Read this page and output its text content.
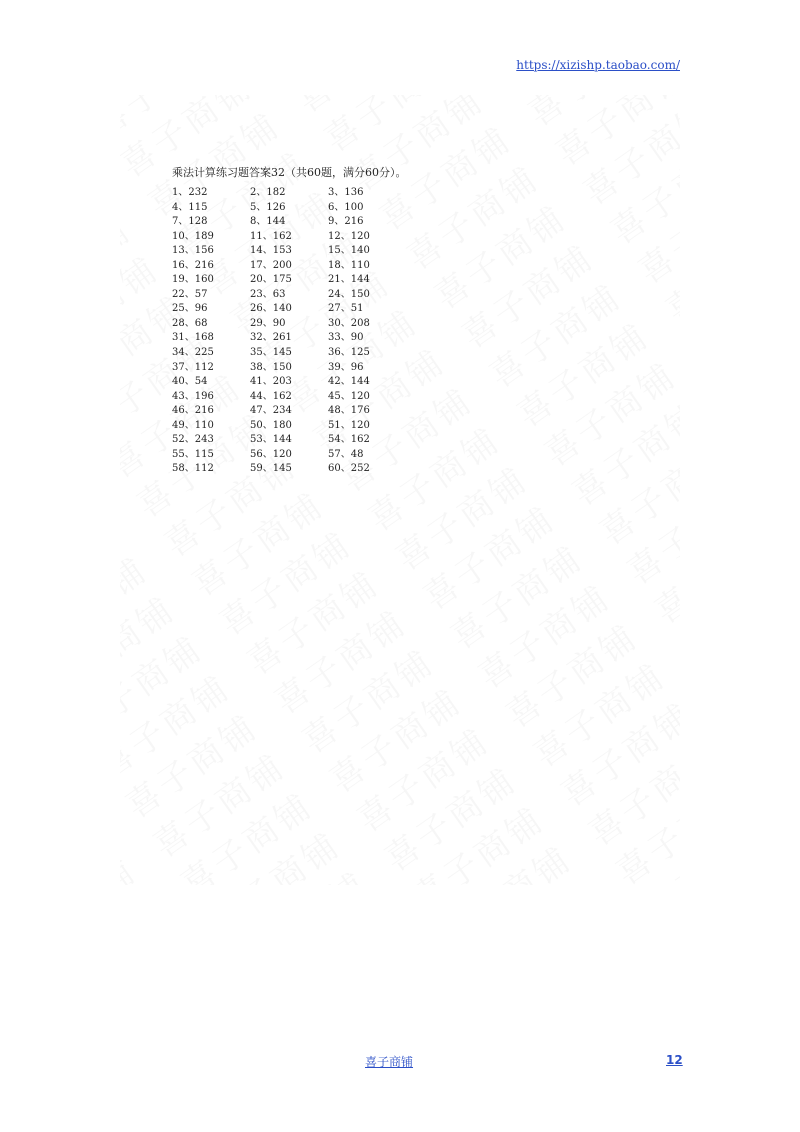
https://xizishp.taobao.com/
乘法计算练习题答案32（共60题，满分60分）。
1、232	2、182	3、136
4、115	5、126	6、100
7、128	8、144	9、216
10、189	11、162	12、120
13、156	14、153	15、140
16、216	17、200	18、110
19、160	20、175	21、144
22、57	23、63	24、150
25、96	26、140	27、51
28、68	29、90	30、208
31、168	32、261	33、90
34、225	35、145	36、125
37、112	38、150	39、96
40、54	41、203	42、144
43、196	44、162	45、120
46、216	47、234	48、176
49、110	50、180	51、120
52、243	53、144	54、162
55、115	56、120	57、48
58、112	59、145	60、252
喜子商铺	12
